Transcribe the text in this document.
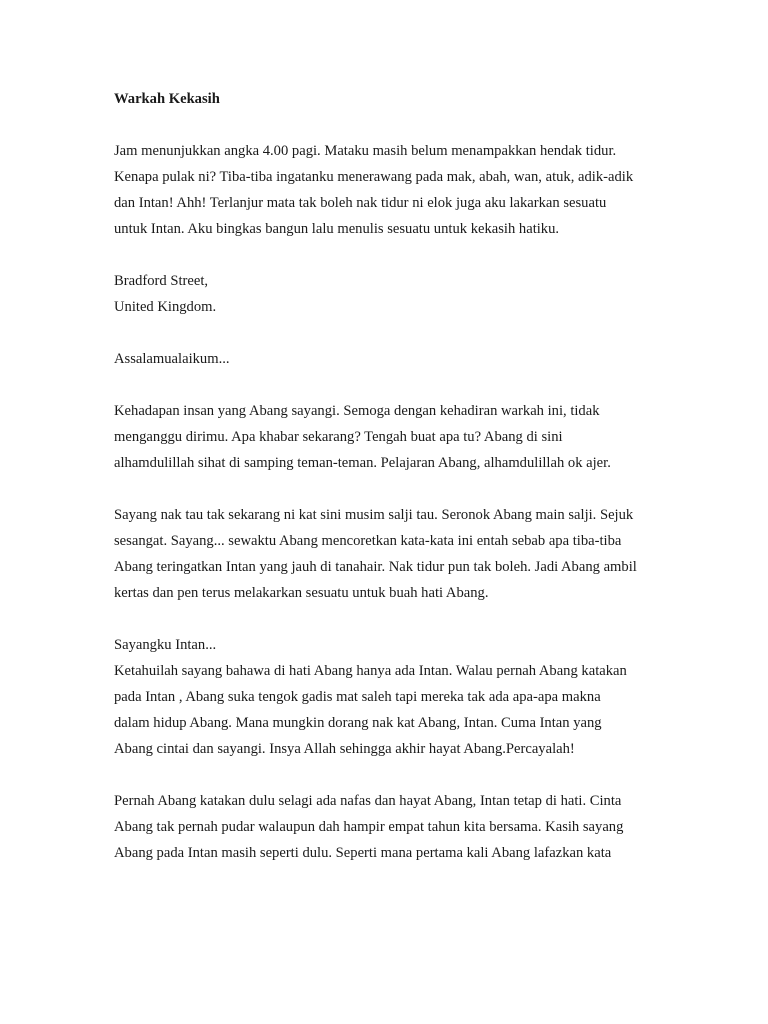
Warkah Kekasih
Jam menunjukkan angka 4.00 pagi. Mataku masih belum menampakkan hendak tidur.
Kenapa pulak ni? Tiba-tiba ingatanku menerawang pada mak, abah, wan, atuk, adik-adik
dan Intan! Ahh! Terlanjur mata tak boleh nak tidur ni elok juga aku lakarkan sesuatu
untuk Intan. Aku bingkas bangun lalu menulis sesuatu untuk kekasih hatiku.
Bradford Street,
United Kingdom.
Assalamualaikum...
Kehadapan insan yang Abang sayangi. Semoga dengan kehadiran warkah ini, tidak
menganggu dirimu. Apa khabar sekarang? Tengah buat apa tu? Abang di sini
alhamdulillah sihat di samping teman-teman. Pelajaran Abang, alhamdulillah ok ajer.
Sayang nak tau tak sekarang ni kat sini musim salji tau. Seronok Abang main salji. Sejuk
sesangat. Sayang... sewaktu Abang mencoretkan kata-kata ini entah sebab apa tiba-tiba
Abang teringatkan Intan yang jauh di tanahair. Nak tidur pun tak boleh. Jadi Abang ambil
kertas dan pen terus melakarkan sesuatu untuk buah hati Abang.
Sayangku Intan...
Ketahuilah sayang bahawa di hati Abang hanya ada Intan. Walau pernah Abang katakan
pada Intan , Abang suka tengok gadis mat saleh tapi mereka tak ada apa-apa makna
dalam hidup Abang. Mana mungkin dorang nak kat Abang, Intan. Cuma Intan yang
Abang cintai dan sayangi. Insya Allah sehingga akhir hayat Abang.Percayalah!
Pernah Abang katakan dulu selagi ada nafas dan hayat Abang, Intan tetap di hati. Cinta
Abang tak pernah pudar walaupun dah hampir empat tahun kita bersama. Kasih sayang
Abang pada Intan masih seperti dulu. Seperti mana pertama kali Abang lafazkan kata
